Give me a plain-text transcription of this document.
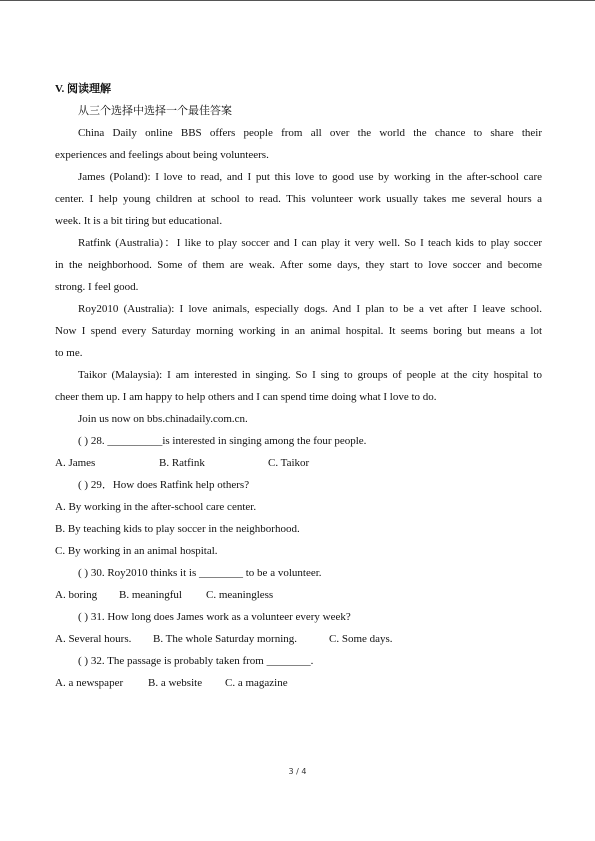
V. 阅读理解
从三个选择中选择一个最佳答案
China Daily online BBS offers people from all over the world the chance to share their
experiences and feelings about being volunteers.
James (Poland): I love to read, and I put this love to good use by working in the after-school care
center. I help young children at school to read. This volunteer work usually takes me several hours a
week. It is a bit tiring but educational.
Ratfink (Australia)：I like to play soccer and I can play it very well. So I teach kids to play soccer
in the neighborhood. Some of them are weak. After some days, they start to love soccer and become
strong. I feel good.
Roy2010 (Australia): I love animals, especially dogs. And I plan to be a vet after I leave school.
Now I spend every Saturday morning working in an animal hospital. It seems boring but means a lot
to me.
Taikor (Malaysia): I am interested in singing. So I sing to groups of people at the city hospital to
cheer them up. I am happy to help others and I can spend time doing what I love to do.
Join us now on bbs.chinadaily.com.cn.
( ) 28. __________is interested in singing among the four people.
A. James	B. Ratfink	C. Taikor
( ) 29．How does Ratfink help others?
A. By working in the after-school care center.
B. By teaching kids to play soccer in the neighborhood.
C. By working in an animal hospital.
( ) 30. Roy2010 thinks it is ________ to be a volunteer.
A. boring B. meaningful C. meaningless
( ) 31. How long does James work as a volunteer every week?
A. Several hours. B. The whole Saturday morning.	C. Some days.
( ) 32. The passage is probably taken from ________.
A. a newspaper B. a website C. a magazine
3 / 4
